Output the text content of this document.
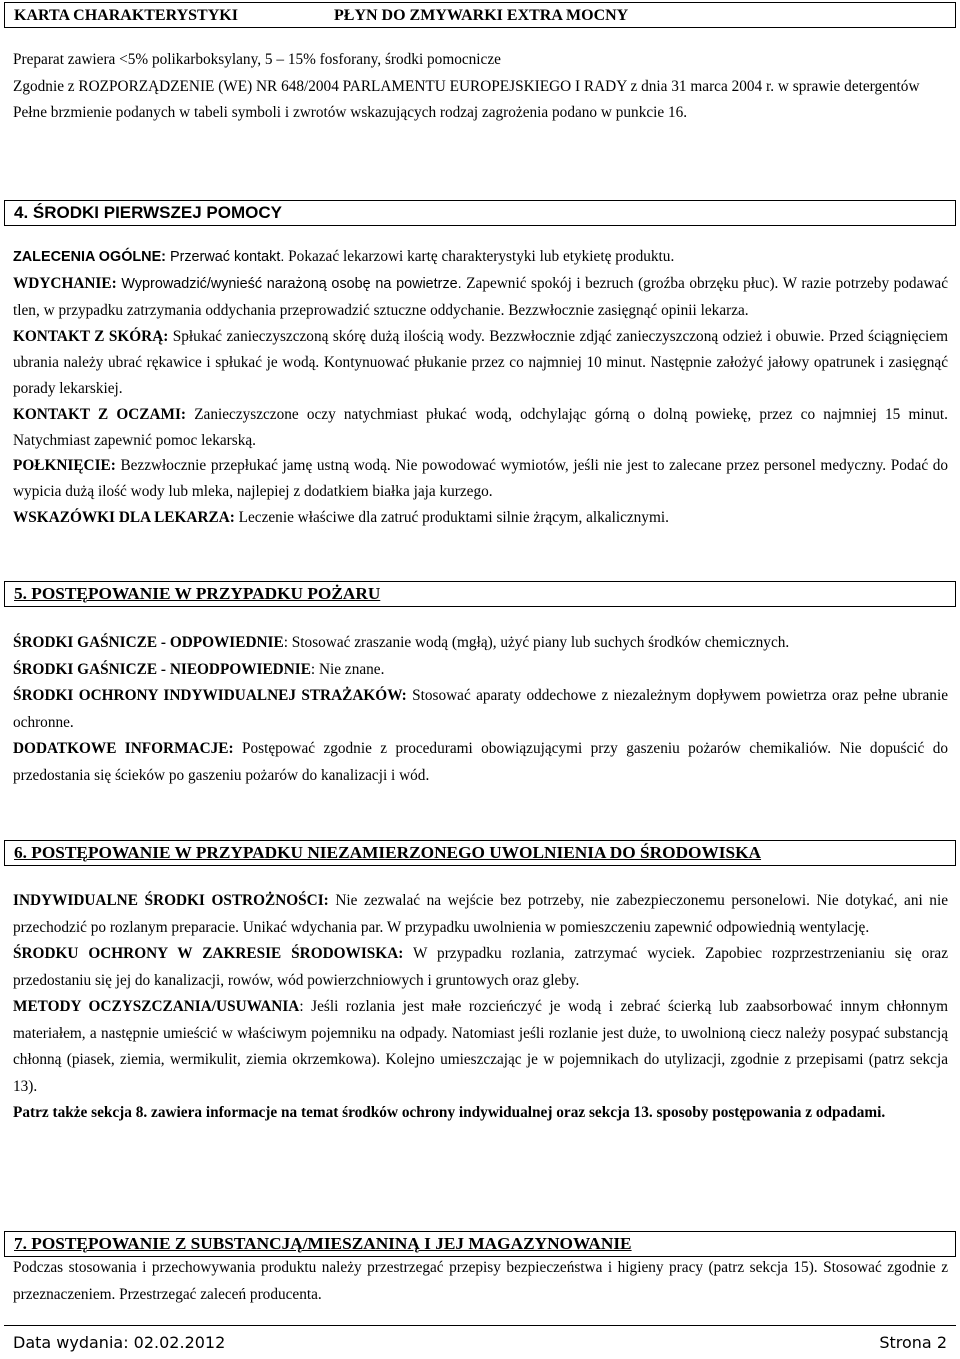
KARTA CHARAKTERYSTYKI	PŁYN DO ZMYWARKI EXTRA MOCNY

Preparat zawiera <5% polikarboksylany, 5 – 15% fosforany, środki pomocnicze

Zgodnie z ROZPORZĄDZENIE (WE) NR 648/2004 PARLAMENTU EUROPEJSKIEGO I RADY z dnia 31 marca 2004 r. w sprawie detergentów

Pełne brzmienie podanych w tabeli symboli i zwrotów wskazujących rodzaj zagrożenia podano w punkcie 16.

4. ŚRODKI PIERWSZEJ POMOCY

ZALECENIA OGÓLNE: Przerwać kontakt. Pokazać lekarzowi kartę charakterystyki lub etykietę produktu.

WDYCHANIE: Wyprowadzić/wynieść narażoną osobę na powietrze. Zapewnić spokój i bezruch (groźba obrzęku płuc). W razie potrzeby podawać tlen, w przypadku zatrzymania oddychania przeprowadzić sztuczne oddychanie. Bezzwłocznie zasięgnąć opinii lekarza.

KONTAKT Z SKÓRĄ: Spłukać zanieczyszczoną skórę dużą ilością wody. Bezzwłocznie zdjąć zanieczyszczoną odzież i obuwie. Przed ściągnięciem ubrania należy ubrać rękawice i spłukać je wodą. Kontynuować płukanie przez co najmniej 10 minut. Następnie założyć jałowy opatrunek i zasięgnąć porady lekarskiej.

KONTAKT Z OCZAMI: Zanieczyszczone oczy natychmiast płukać wodą, odchylając górną o dolną powiekę, przez co najmniej 15 minut. Natychmiast zapewnić pomoc lekarską.

POŁKNIĘCIE: Bezzwłocznie przepłukać jamę ustną wodą. Nie powodować wymiotów, jeśli nie jest to zalecane przez personel medyczny. Podać do wypicia dużą ilość wody lub mleka, najlepiej z dodatkiem białka jaja kurzego.

WSKAZÓWKI DLA LEKARZA: Leczenie właściwe dla zatruć produktami silnie żrącym, alkalicznymi.

5. POSTĘPOWANIE W PRZYPADKU POŻARU

ŚRODKI GAŚNICZE - ODPOWIEDNIE: Stosować zraszanie wodą (mgłą), użyć piany lub suchych środków chemicznych.

ŚRODKI GAŚNICZE - NIEODPOWIEDNIE: Nie znane.

ŚRODKI OCHRONY INDYWIDUALNEJ STRAŻAKÓW: Stosować aparaty oddechowe z niezależnym dopływem powietrza oraz pełne ubranie ochronne.

DODATKOWE INFORMACJE: Postępować zgodnie z procedurami obowiązującymi przy gaszeniu pożarów chemikaliów. Nie dopuścić do przedostania się ścieków po gaszeniu pożarów do kanalizacji i wód.

6. POSTĘPOWANIE W PRZYPADKU NIEZAMIERZONEGO UWOLNIENIA DO ŚRODOWISKA

INDYWIDUALNE ŚRODKI OSTROŻNOŚCI: Nie zezwalać na wejście bez potrzeby, nie zabezpieczonemu personelowi. Nie dotykać, ani nie przechodzić po rozlanym preparacie. Unikać wdychania par. W przypadku uwolnienia w pomieszczeniu zapewnić odpowiednią wentylację.

ŚRODKU OCHRONY W ZAKRESIE ŚRODOWISKA: W przypadku rozlania, zatrzymać wyciek. Zapobiec rozprzestrzenianiu się oraz przedostaniu się jej do kanalizacji, rowów, wód powierzchniowych i gruntowych oraz gleby.

METODY OCZYSZCZANIA/USUWANIA: Jeśli rozlania jest małe rozcieńczyć je wodą i zebrać ścierką lub zaabsorbować innym chłonnym materiałem, a następnie umieścić w właściwym pojemniku na odpady. Natomiast jeśli rozlanie jest duże, to uwolnioną ciecz należy posypać substancją chłonną (piasek, ziemia, wermikulit, ziemia okrzemkowa). Kolejno umieszczając je w pojemnikach do utylizacji, zgodnie z przepisami (patrz sekcja 13).

Patrz także sekcja 8. zawiera informacje na temat środków ochrony indywidualnej oraz sekcja 13. sposoby postępowania z odpadami.

7. POSTĘPOWANIE Z SUBSTANCJĄ/MIESZANINĄ I JEJ MAGAZYNOWANIE

Podczas stosowania i przechowywania produktu należy przestrzegać przepisy bezpieczeństwa i higieny pracy (patrz sekcja 15). Stosować zgodnie z przeznaczeniem. Przestrzegać zaleceń producenta.

Data wydania: 02.02.2012	Strona 2
